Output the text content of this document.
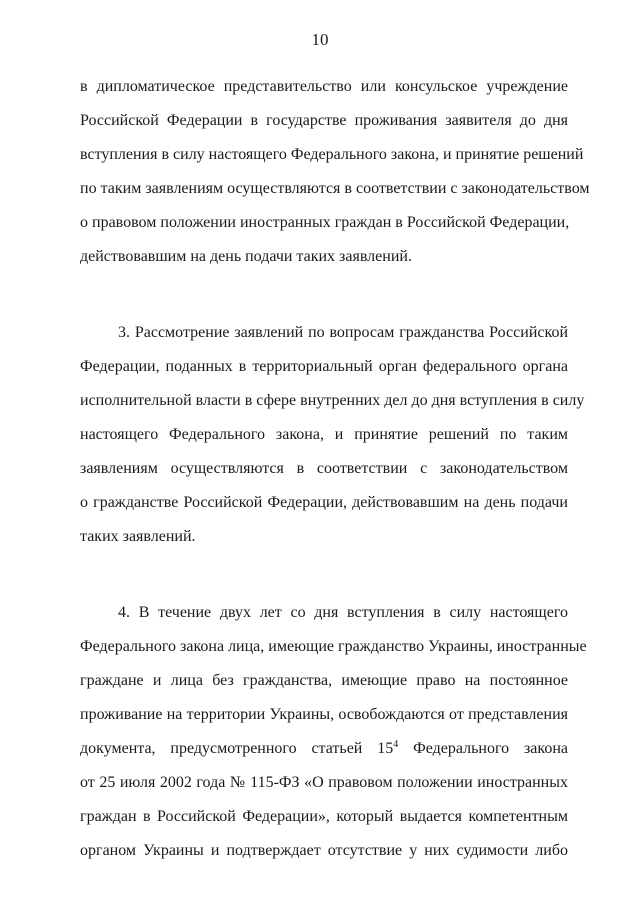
10
в дипломатическое представительство или консульское учреждение
Российской Федерации в государстве проживания заявителя до дня
вступления в силу настоящего Федерального закона, и принятие решений
по таким заявлениям осуществляются в соответствии с законодательством
о правовом положении иностранных граждан в Российской Федерации,
действовавшим на день подачи таких заявлений.
3. Рассмотрение заявлений по вопросам гражданства Российской
Федерации, поданных в территориальный орган федерального органа
исполнительной власти в сфере внутренних дел до дня вступления в силу
настоящего Федерального закона, и принятие решений по таким
заявлениям осуществляются в соответствии с законодательством
о гражданстве Российской Федерации, действовавшим на день подачи
таких заявлений.
4. В течение двух лет со дня вступления в силу настоящего
Федерального закона лица, имеющие гражданство Украины, иностранные
граждане и лица без гражданства, имеющие право на постоянное
проживание на территории Украины, освобождаются от представления
документа, предусмотренного статьей $15^4$ Федерального закона
от 25 июля 2002 года № 115-ФЗ «О правовом положении иностранных
граждан в Российской Федерации», который выдается компетентным
органом Украины и подтверждает отсутствие у них судимости либо
